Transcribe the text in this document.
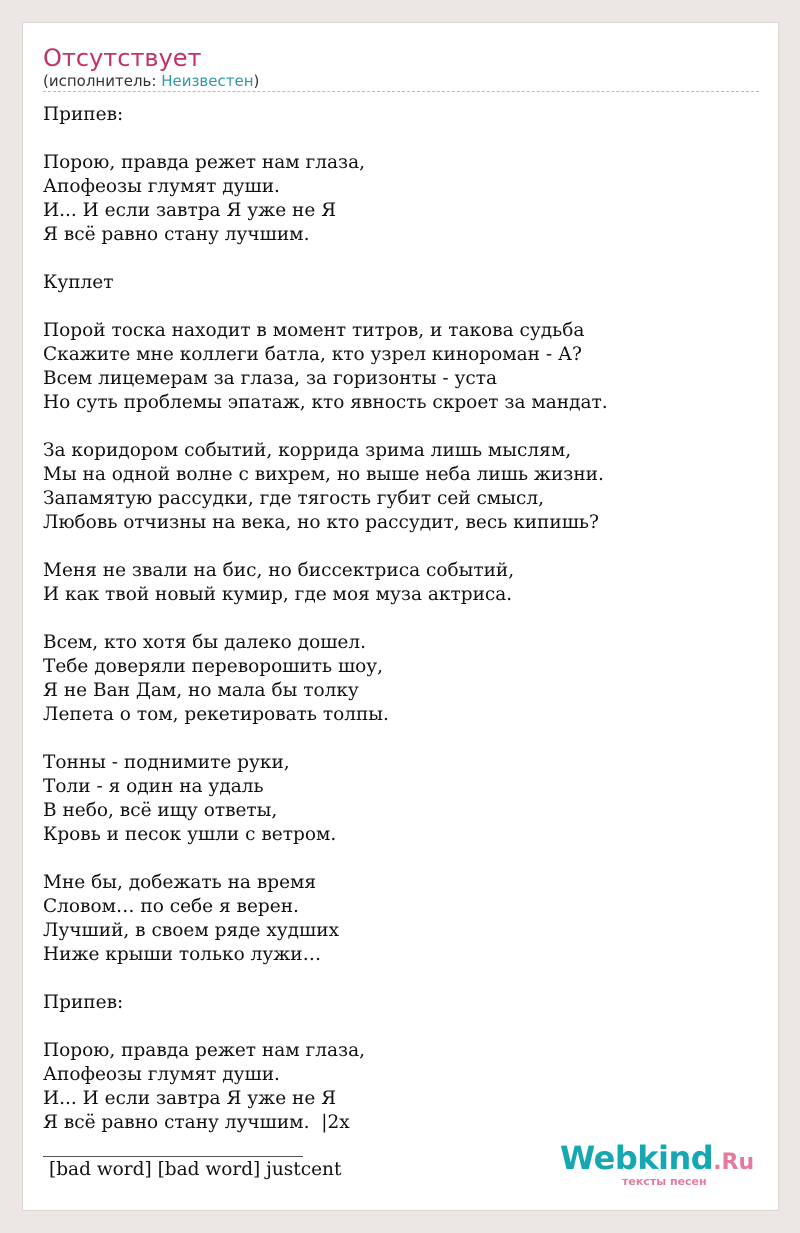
Отсутствует
(исполнитель: Неизвестен)
Припев:
Порою, правда режет нам глаза,
Апофеозы глумят души.
И... И если завтра Я уже не Я
Я всё равно стану лучшим.
Куплет
Порой тоска находит в момент титров, и такова судьба
Скажите мне коллеги батла, кто узрел кинороман - А?
Всем лицемерам за глаза, за горизонты - уста
Но суть проблемы эпатаж, кто явность скроет за мандат.
За коридором событий, коррида зрима лишь мыслям,
Мы на одной волне с вихрем, но выше неба лишь жизни.
Запамятую рассудки, где тягость губит сей смысл,
Любовь отчизны на века, но кто рассудит, весь кипишь?
Меня не звали на бис, но биссектриса событий,
И как твой новый кумир, где моя муза актриса.
Всем, кто хотя бы далеко дошел.
Тебе доверяли переворошить шоу,
Я не Ван Дам, но мала бы толку
Лепета о том, рекетировать толпы.
Тонны - поднимите руки,
Толи - я один на удаль
В небо, всё ищу ответы,
Кровь и песок ушли с ветром.
Мне бы, добежать на время
Словом… по себе я верен.
Лучший, в своем ряде худших
Ниже крыши только лужи…
Припев:
Порою, правда режет нам глаза,
Апофеозы глумят души.
И... И если завтра Я уже не Я
Я всё равно стану лучшим.  |2x
[bad word] [bad word] justcent	Webkind.Ru
тексты песен
